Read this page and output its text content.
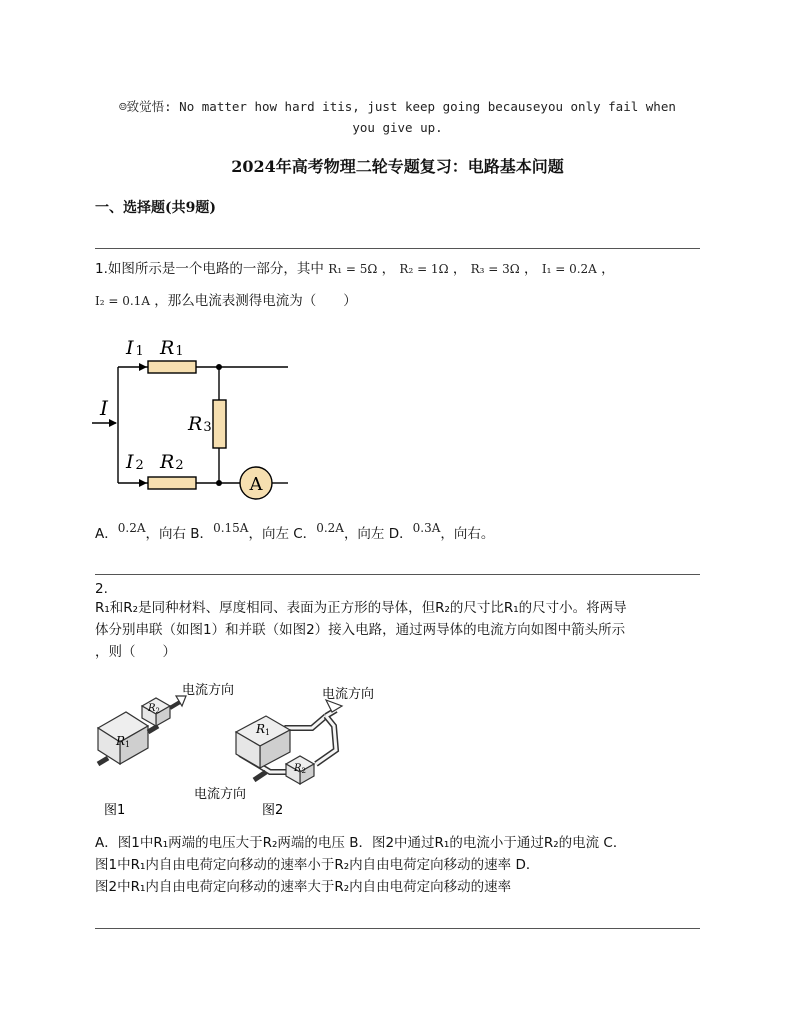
☺致觉悟: No matter how hard itis, just keep going becauseyou only fail when
you give up.
2024年高考物理二轮专题复习：电路基本问题
一、选择题(共9题)
1.如图所示是一个电路的一部分，其中 R₁ = 5Ω ， R₂ = 1Ω ， R₃ = 3Ω ， I₁ = 0.2A ，
I₂ = 0.1A ，那么电流表测得电流为（　　）
I
I 1 R1
R3
A
I 2 R2
A．0.2A，向右 B．0.15A，向左 C．0.2A，向左 D．0.3A，向右。
2.
R₁和R₂是同种材料、厚度相同、表面为正方形的导体，但R₂的尺寸比R₁的尺寸小。将两导
体分别串联（如图1）和并联（如图2）接入电路，通过两导体的电流方向如图中箭头所示
，则（　　）
R1
$R_2$
电流方向
图1
R1
$R_2$
电流方向
电流方向
图2
A．图1中R₁两端的电压大于R₂两端的电压 B．图2中通过R₁的电流小于通过R₂的电流 C．
图1中R₁内自由电荷定向移动的速率小于R₂内自由电荷定向移动的速率 D．
图2中R₁内自由电荷定向移动的速率大于R₂内自由电荷定向移动的速率
